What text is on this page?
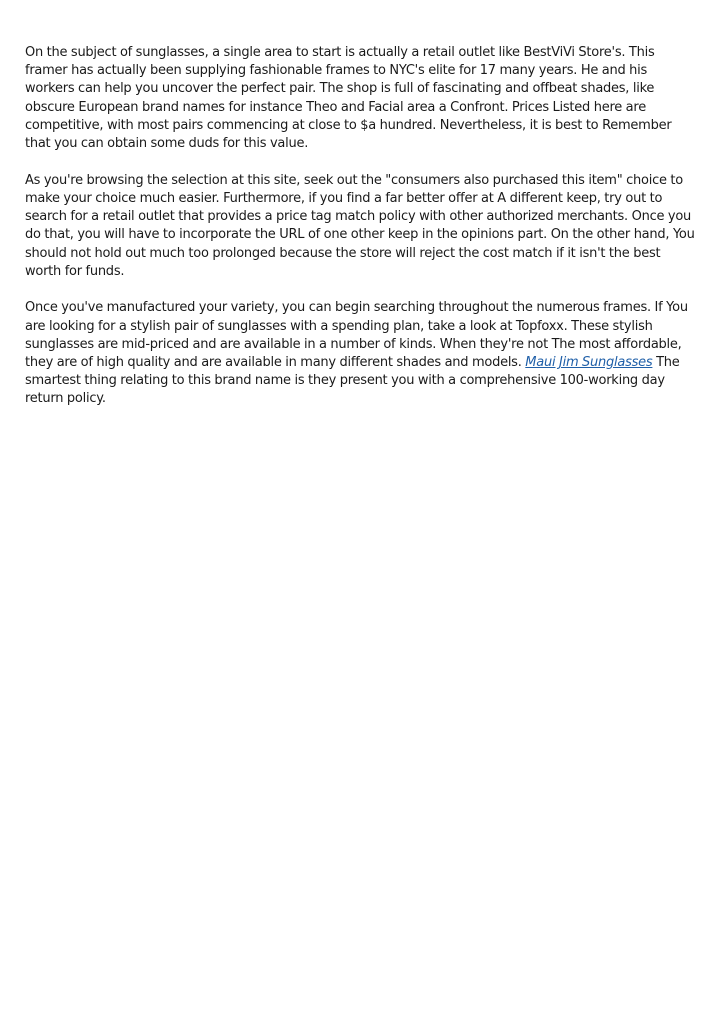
On the subject of sunglasses, a single area to start is actually a retail outlet like BestViVi Store's. This framer has actually been supplying fashionable frames to NYC's elite for 17 many years. He and his workers can help you uncover the perfect pair. The shop is full of fascinating and offbeat shades, like obscure European brand names for instance Theo and Facial area a Confront. Prices Listed here are competitive, with most pairs commencing at close to $a hundred. Nevertheless, it is best to Remember that you can obtain some duds for this value.

As you're browsing the selection at this site, seek out the "consumers also purchased this item" choice to make your choice much easier. Furthermore, if you find a far better offer at A different keep, try out to search for a retail outlet that provides a price tag match policy with other authorized merchants. Once you do that, you will have to incorporate the URL of one other keep in the opinions part. On the other hand, You should not hold out much too prolonged because the store will reject the cost match if it isn't the best worth for funds.

Once you've manufactured your variety, you can begin searching throughout the numerous frames. If You are looking for a stylish pair of sunglasses with a spending plan, take a look at Topfoxx. These stylish sunglasses are mid-priced and are available in a number of kinds. When they're not The most affordable, they are of high quality and are available in many different shades and models. Maui Jim Sunglasses The smartest thing relating to this brand name is they present you with a comprehensive 100-working day return policy.
